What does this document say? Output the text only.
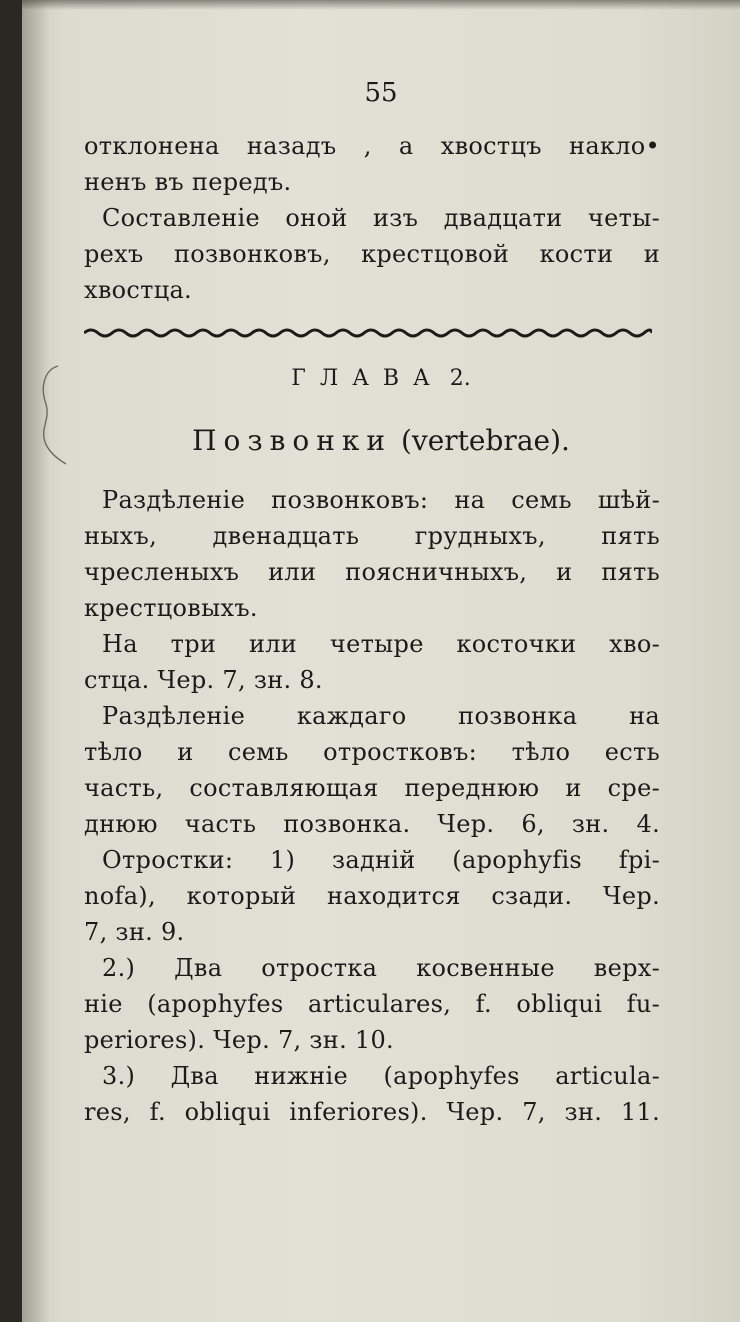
55
отклонена назадъ , а хвостцъ накло•
ненъ въ передъ.
Составленiе оной изъ двадцати четы-
рехъ позвонковъ, крестцовой кости и
хвостца.
ГЛАВА 2.
Позвонки (vertebrae).
Раздѣленiе позвонковъ: на семь шѣй-
ныхъ, двенадцать грудныхъ, пять
чресленыхъ или поясничныхъ, и пять
крестцовыхъ.
На три или четыре косточки хво-
стца. Чер. 7, зн. 8.
Раздѣленiе каждаго позвонка на
тѣло и семь отростковъ: тѣло есть
часть, составляющая переднюю и сре-
днюю часть позвонка. Чер. 6, зн. 4.
Отростки: 1) заднiй (apophyfis fpi-
nofa), который находится сзади. Чер.
7, зн. 9.
2.) Два отростка косвенные верх-
нiе (apophyfes articulares, f. obliqui fu-
periores). Чер. 7, зн. 10.
3.) Два нижнiе (apophyfes articula-
res, f. obliqui inferiores). Чер. 7, зн. 11.
